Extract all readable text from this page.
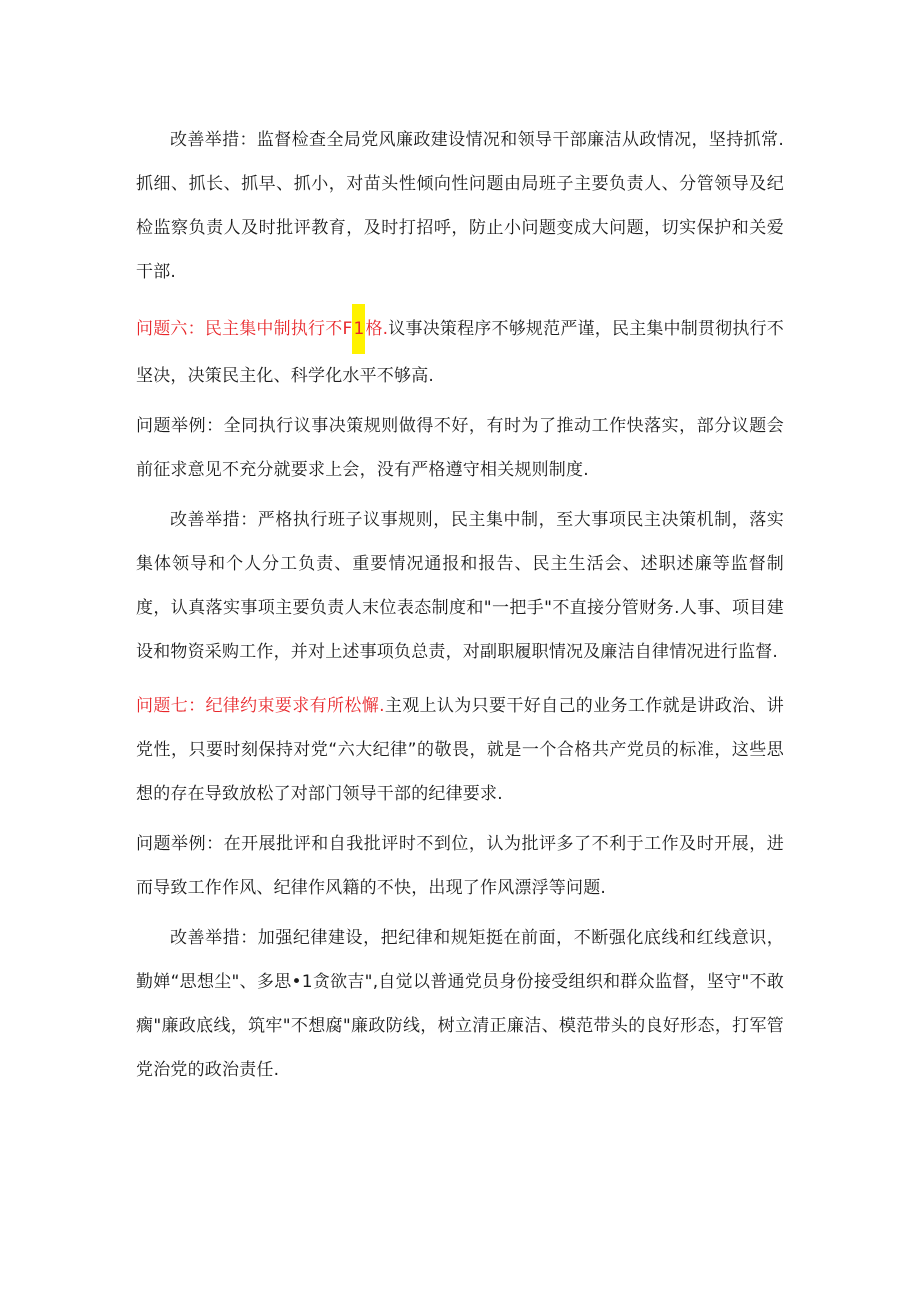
改善举措：监督检查全局党风廉政建设情况和领导干部廉洁从政情况，坚持抓常.抓细、抓长、抓早、抓小，对苗头性倾向性问题由局班子主要负责人、分管领导及纪检监察负责人及时批评教育，及时打招呼，防止小问题变成大问题，切实保护和关爱干部.

问题六：民主集中制执行不F1格.议事决策程序不够规范严谨，民主集中制贯彻执行不坚决，决策民主化、科学化水平不够高.

问题举例：全同执行议事决策规则做得不好，有时为了推动工作快落实，部分议题会前征求意见不充分就要求上会，没有严格遵守相关规则制度.

改善举措：严格执行班子议事规则，民主集中制，至大事项民主决策机制，落实集体领导和个人分工负责、重要情况通报和报告、民主生活会、述职述廉等监督制度，认真落实事项主要负责人末位表态制度和"一把手"不直接分管财务.人事、项目建设和物资采购工作，并对上述事项负总责，对副职履职情况及廉洁自律情况进行监督.

问题七：纪律约束要求有所松懈.主观上认为只要干好自己的业务工作就是讲政治、讲党性，只要时刻保持对党“六大纪律”的敬畏，就是一个合格共产党员的标准，这些思想的存在导致放松了对部门领导干部的纪律要求.

问题举例：在开展批评和自我批评时不到位，认为批评多了不利于工作及时开展，进而导致工作作风、纪律作风籍的不快，出现了作风漂浮等问题.

改善举措：加强纪律建设，把纪律和规矩挺在前面，不断强化底线和红线意识，勤婵“思想尘"、多思•1贪欲吉",自觉以普通党员身份接受组织和群众监督，坚守"不敢瘸"廉政底线，筑牢"不想腐"廉政防线，树立清正廉洁、模范带头的良好形态，打军管党治党的政治责任.
